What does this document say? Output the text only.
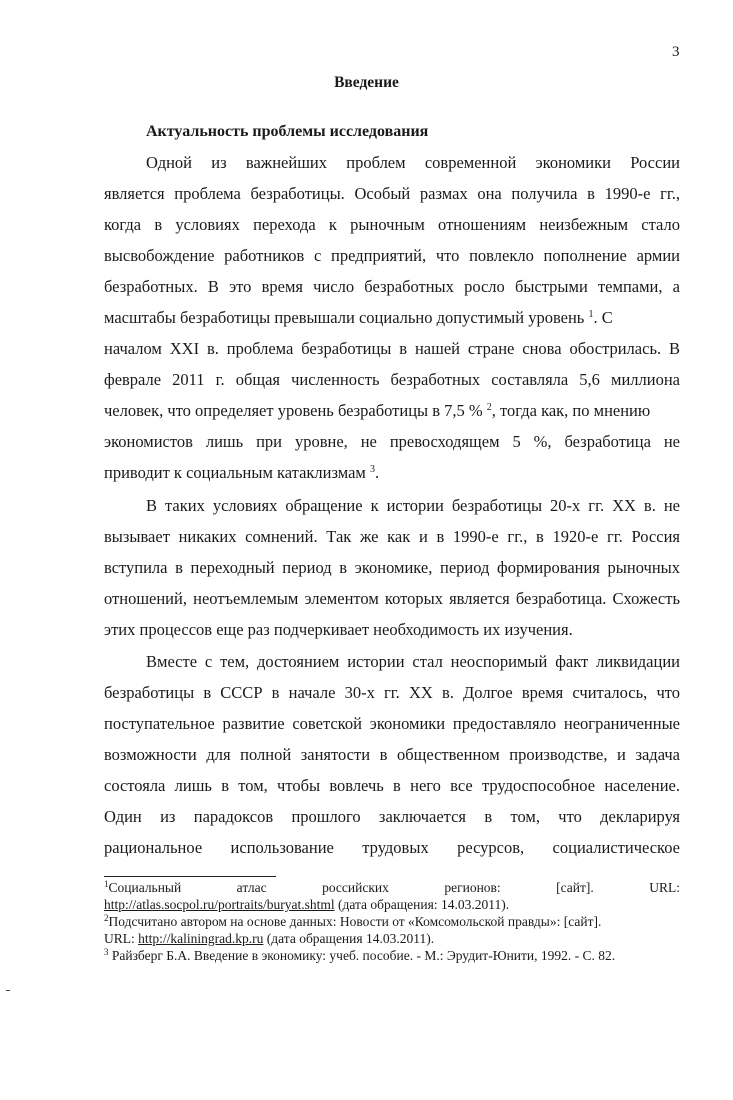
3
Введение
Актуальность проблемы исследования
Одной из важнейших проблем современной экономики России
является проблема безработицы. Особый размах она получила в 1990-е гг.,
когда в условиях перехода к рыночным отношениям неизбежным стало
высвобождение работников с предприятий, что повлекло пополнение армии
безработных. В это время число безработных росло быстрыми темпами, а
масштабы безработицы превышали социально допустимый уровень $^1$. С
началом XXI в. проблема безработицы в нашей стране снова обострилась. В
феврале 2011 г. общая численность безработных составляла 5,6 миллиона
человек, что определяет уровень безработицы в 7,5 % $^2$, тогда как, по мнению
экономистов лишь при уровне, не превосходящем 5 %, безработица не
приводит к социальным катаклизмам $^3$.
В таких условиях обращение к истории безработицы 20-х гг. XX в. не
вызывает никаких сомнений. Так же как и в 1990-е гг., в 1920-е гг. Россия
вступила в переходный период в экономике, период формирования рыночных
отношений, неотъемлемым элементом которых является безработица. Схожесть
этих процессов еще раз подчеркивает необходимость их изучения.
Вместе с тем, достоянием истории стал неоспоримый факт ликвидации
безработицы в СССР в начале 30-х гг. XX в. Долгое время считалось, что
поступательное развитие советской экономики предоставляло неограниченные
возможности для полной занятости в общественном производстве, и задача
состояла лишь в том, чтобы вовлечь в него все трудоспособное население.
Один из парадоксов прошлого заключается в том, что декларируя
рациональное использование трудовых ресурсов, социалистическое
$^1$Социальный атлас российских регионов: [сайт]. URL:
http://atlas.socpol.ru/portraits/buryat.shtml (дата обращения: 14.03.2011).
$^2$Подсчитано автором на основе данных: Новости от «Комсомольской правды»: [сайт].
URL: http://kaliningrad.kp.ru (дата обращения 14.03.2011).
$^3$ Райзберг Б.А. Введение в экономику: учеб. пособие. - М.: Эрудит-Юнити, 1992. - С. 82.
